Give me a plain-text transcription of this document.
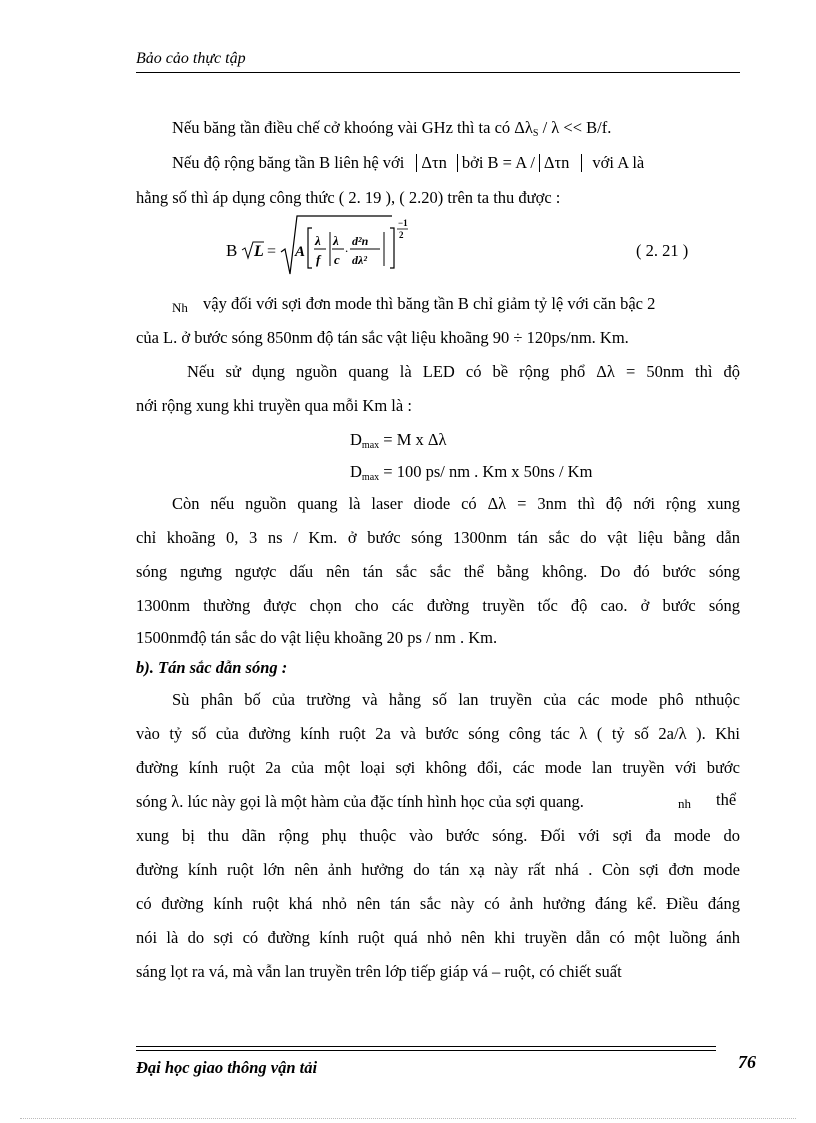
Bảo cảo thực tập
Nếu băng tần điều chế cở khoóng vài GHz thì ta có $\Delta\lambda_S / \lambda << B/f$.
Nếu độ rộng băng tần B liên hệ với Δτn bởi B = A / Δτn với A là
hằng số thì áp dụng công thức ( 2. 19 ), ( 2.20) trên ta thu được :
B L = A
λ
f
λ
c
. d²n
dλ²
−1
2
( 2. 21 )
Nh vậy đối với sợi đơn mode thì băng tần B chỉ giảm tỷ lệ với căn bậc 2
của L. ở bước sóng 850nm độ tán sắc vật liệu khoãng 90 ÷ 120ps/nm. Km.
Nếu sử dụng nguồn quang là LED có bề rộng phổ Δλ = 50nm thì độ
nới rộng xung khi truyền qua mỗi Km là :
$D_{max} = M$ x Δλ
$D_{max} = 100$ ps/ nm . Km x 50ns / Km
Còn nếu nguồn quang là laser diode có Δλ = 3nm thì độ nới rộng xung
chỉ khoãng 0, 3 ns / Km. ở bước sóng 1300nm tán sắc do vật liệu bằng dẫn
sóng ngưng ngược dấu nên tán sắc sắc thể bằng không. Do đó bước sóng
1300nm thường được chọn cho các đường truyền tốc độ cao. ở bước sóng
1500nmđộ tán sắc do vật liệu khoãng 20 ps / nm . Km.
b). Tán sắc dẫn sóng :
Sù phân bố của trường và hằng số lan truyền của các mode phô nthuộc
vào tỷ số của đường kính ruột 2a và bước sóng công tác λ ( tỷ số 2a/λ ). Khi
đường kính ruột 2a của một loại sợi không đổi, các mode lan truyền với bước
sóng λ. lúc này gọi là một hàm của đặc tính hình học của sợi quang.	nh thể
xung bị thu dãn rộng phụ thuộc vào bước sóng. Đối với sợi đa mode do
đường kính ruột lớn nên ảnh hưởng do tán xạ này rất nhá . Còn sợi đơn mode
có đường kính ruột khá nhỏ nên tán sắc này có ảnh hưởng đáng kể. Điều đáng
nói là do sợi có đường kính ruột quá nhỏ nên khi truyền dẫn có một luồng ánh
sáng lọt ra vá, mà vẫn lan truyền trên lớp tiếp giáp vá – ruột, có chiết suất
Đại học giao thông vận tải	76
